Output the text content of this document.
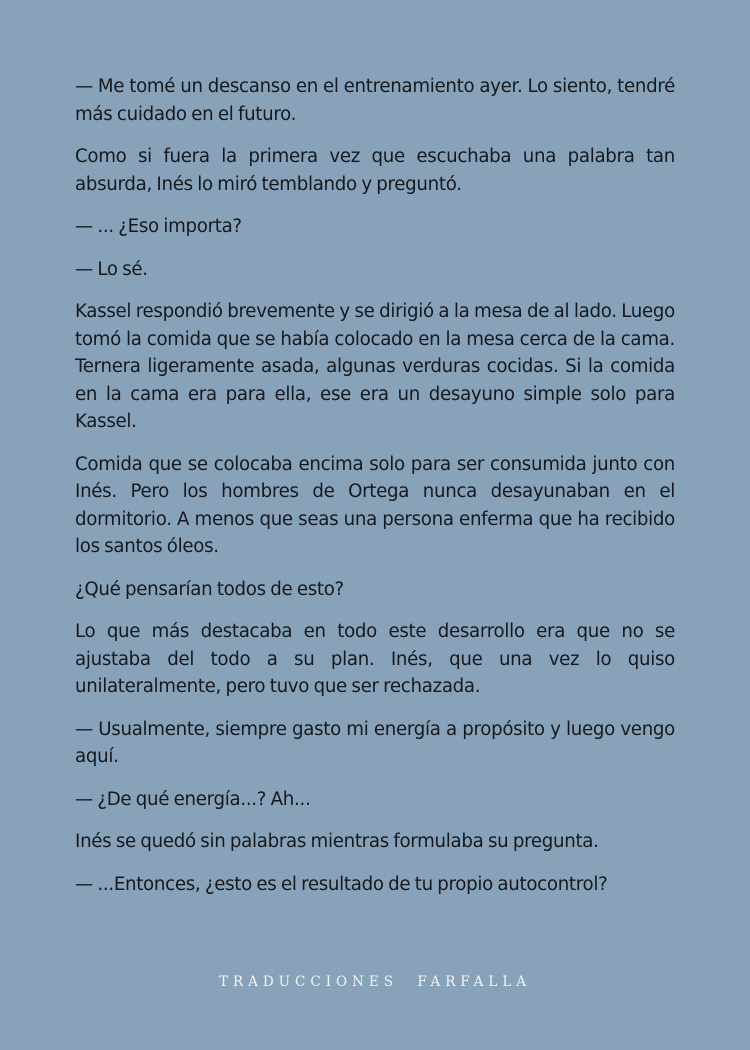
— Me tomé un descanso en el entrenamiento ayer. Lo siento, tendré más cuidado en el futuro.

Como si fuera la primera vez que escuchaba una palabra tan absurda, Inés lo miró temblando y preguntó.

— ... ¿Eso importa?

— Lo sé.

Kassel respondió brevemente y se dirigió a la mesa de al lado. Luego tomó la comida que se había colocado en la mesa cerca de la cama. Ternera ligeramente asada, algunas verduras cocidas. Si la comida en la cama era para ella, ese era un desayuno simple solo para Kassel.

Comida que se colocaba encima solo para ser consumida junto con Inés. Pero los hombres de Ortega nunca desayunaban en el dormitorio. A menos que seas una persona enferma que ha recibido los santos óleos.

¿Qué pensarían todos de esto?

Lo que más destacaba en todo este desarrollo era que no se ajustaba del todo a su plan. Inés, que una vez lo quiso unilateralmente, pero tuvo que ser rechazada.

— Usualmente, siempre gasto mi energía a propósito y luego vengo aquí.

— ¿De qué energía...? Ah...

Inés se quedó sin palabras mientras formulaba su pregunta.

— ...Entonces, ¿esto es el resultado de tu propio autocontrol?

TRADUCCIONES FARFALLA
